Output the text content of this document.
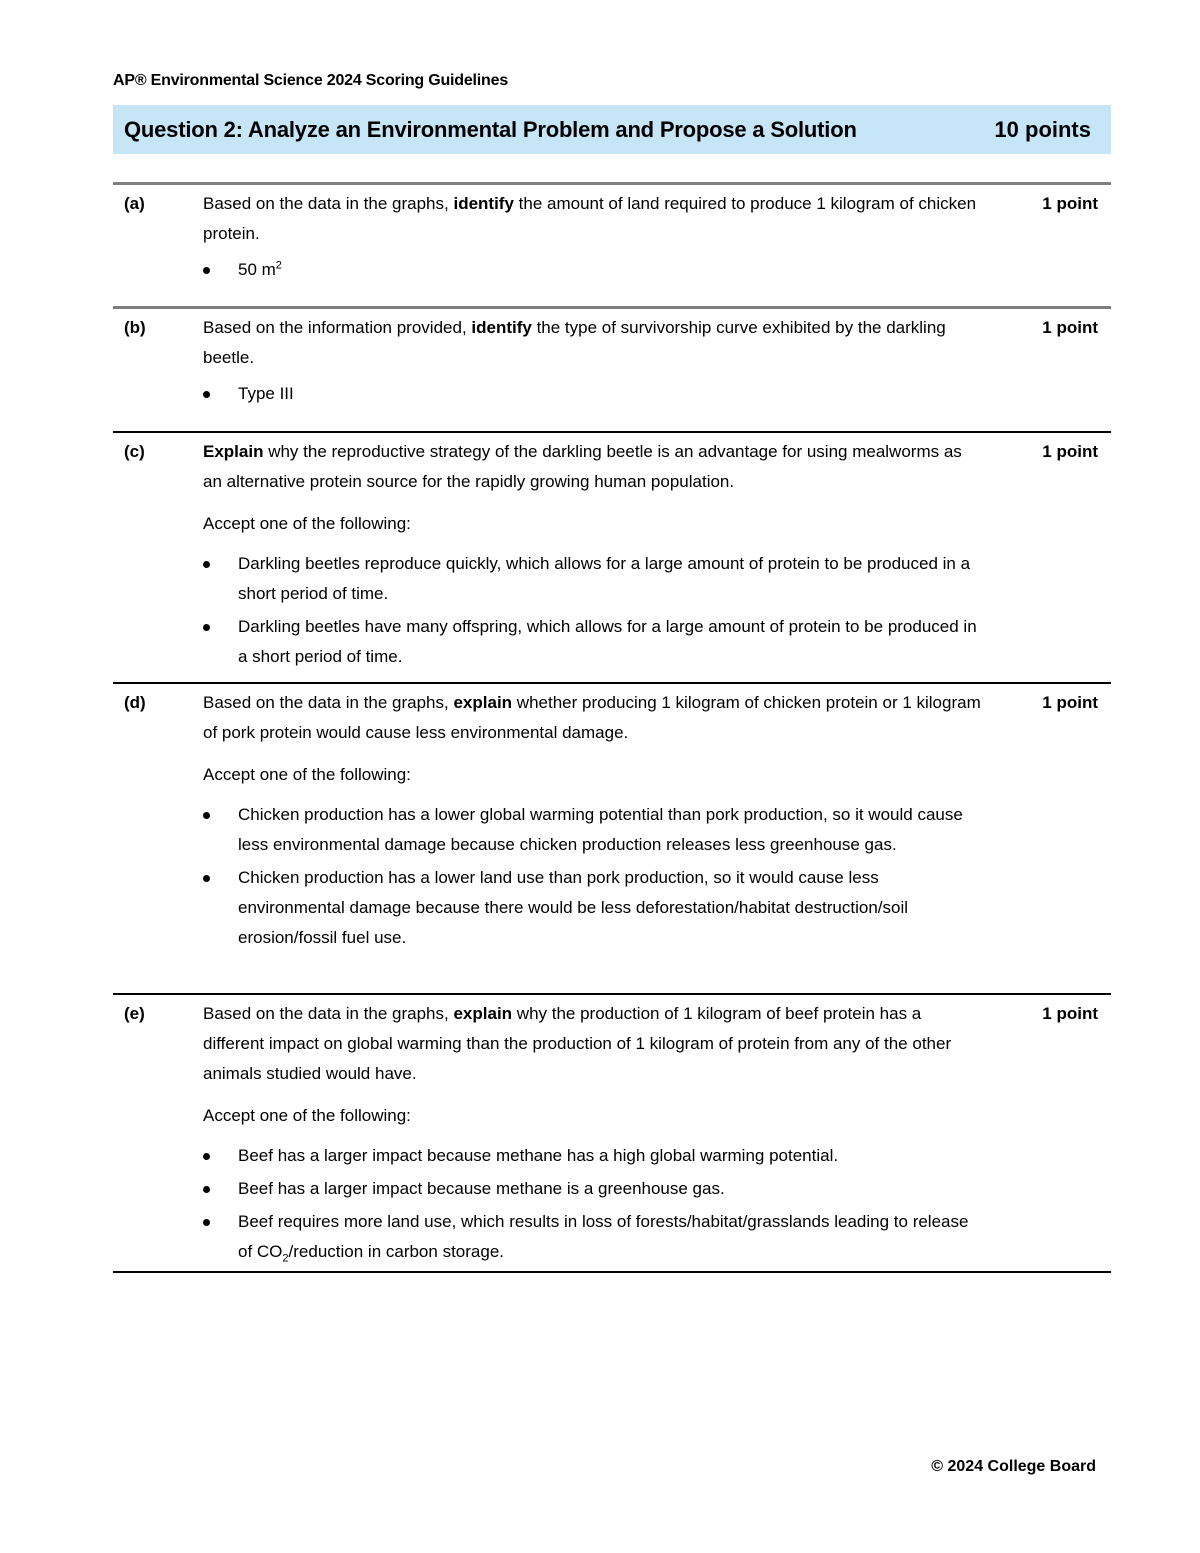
AP® Environmental Science 2024 Scoring Guidelines
Question 2: Analyze an Environmental Problem and Propose a Solution	10 points
(a)	Based on the data in the graphs, identify the amount of land required to produce 1 kilogram of chicken protein.

50 $m^2$
1 point
(b)	Based on the information provided, identify the type of survivorship curve exhibited by the darkling beetle.

Type III
1 point
(c)	Explain why the reproductive strategy of the darkling beetle is an advantage for using mealworms as an alternative protein source for the rapidly growing human population.

Accept one of the following:

Darkling beetles reproduce quickly, which allows for a large amount of protein to be produced in a short period of time.
Darkling beetles have many offspring, which allows for a large amount of protein to be produced in a short period of time.
1 point
(d)	Based on the data in the graphs, explain whether producing 1 kilogram of chicken protein or 1 kilogram of pork protein would cause less environmental damage.

Accept one of the following:

Chicken production has a lower global warming potential than pork production, so it would cause less environmental damage because chicken production releases less greenhouse gas.
Chicken production has a lower land use than pork production, so it would cause less environmental damage because there would be less deforestation/habitat destruction/soil erosion/fossil fuel use.
1 point
(e)	Based on the data in the graphs, explain why the production of 1 kilogram of beef protein has a different impact on global warming than the production of 1 kilogram of protein from any of the other animals studied would have.

Accept one of the following:

Beef has a larger impact because methane has a high global warming potential.
Beef has a larger impact because methane is a greenhouse gas.
Beef requires more land use, which results in loss of forests/habitat/grasslands leading to release of $CO_2$/reduction in carbon storage.
1 point
© 2024 College Board
